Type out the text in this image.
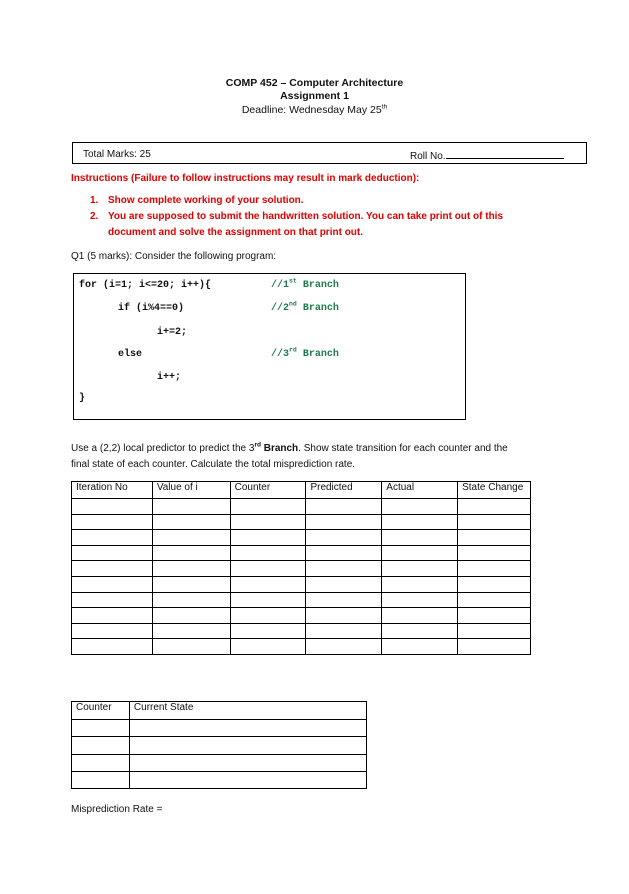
COMP 452 – Computer Architecture
Assignment 1
Deadline: Wednesday May 25th
Total Marks: 25	Roll No.
Instructions (Failure to follow instructions may result in mark deduction):
1. Show complete working of your solution.
2. You are supposed to submit the handwritten solution. You can take print out of this
document and solve the assignment on that print out.
Q1 (5 marks): Consider the following program:
for (i=1; i<=20; i++){	//1st Branch
if (i%4==0)	//2nd Branch
i+=2;
else	//3rd Branch
i++;
}
Use a (2,2) local predictor to predict the 3rd Branch. Show state transition for each counter and the
final state of each counter. Calculate the total misprediction rate.
Iteration No	Value of i	Counter	Predicted	Actual	State Change

Counter	Current State

Misprediction Rate =
